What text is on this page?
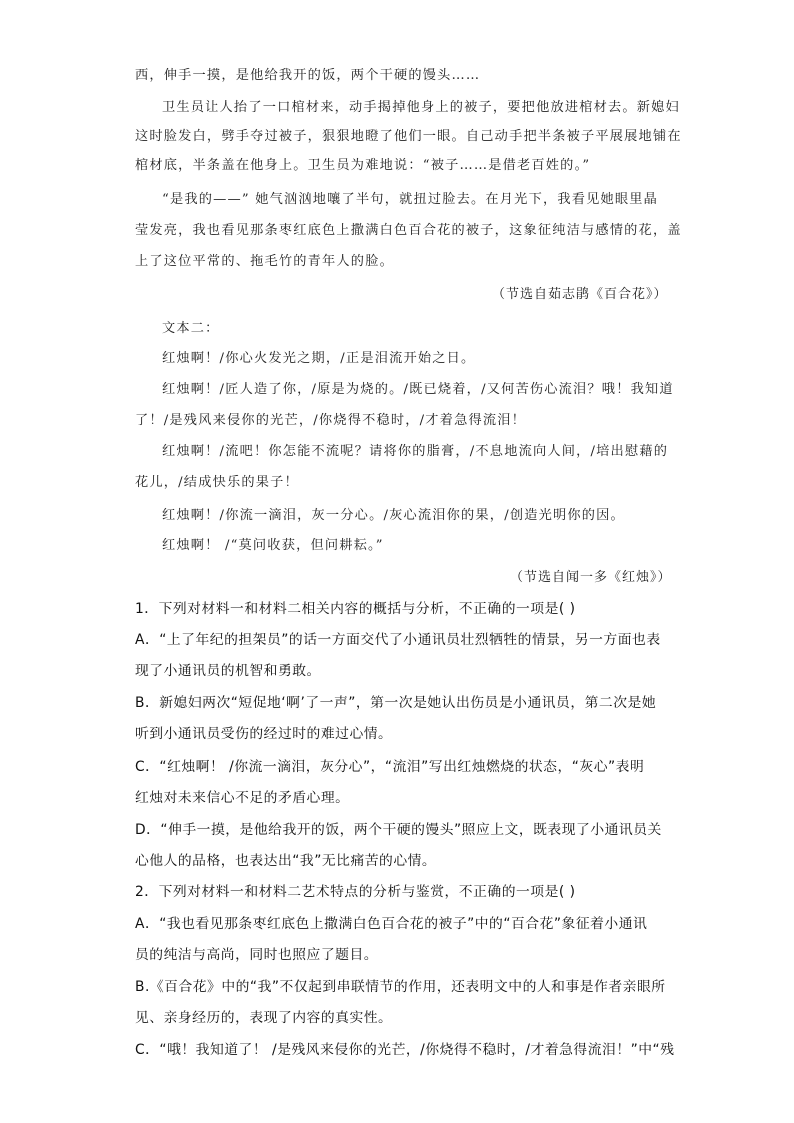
西，伸手一摸，是他给我开的饭，两个干硬的馒头……
卫生员让人抬了一口棺材来，动手揭掉他身上的被子，要把他放进棺材去。新媳妇
这时脸发白，劈手夺过被子，狠狠地瞪了他们一眼。自己动手把半条被子平展展地铺在
棺材底，半条盖在他身上。卫生员为难地说：“被子……是借老百姓的。”
“是我的——” 她气汹汹地嚷了半句，就扭过脸去。在月光下，我看见她眼里晶
莹发亮，我也看见那条枣红底色上撒满白色百合花的被子，这象征纯洁与感情的花，盖
上了这位平常的、拖毛竹的青年人的脸。
（节选自茹志鹃《百合花》）
文本二：
红烛啊！/你心火发光之期，/正是泪流开始之日。
红烛啊！/匠人造了你，/原是为烧的。/既已烧着，/又何苦伤心流泪？哦！我知道
了！/是残风来侵你的光芒，/你烧得不稳时，/才着急得流泪！
红烛啊！/流吧！你怎能不流呢？请将你的脂膏，/不息地流向人间，/培出慰藉的
花儿，/结成快乐的果子！
红烛啊！/你流一滴泪，灰一分心。/灰心流泪你的果，/创造光明你的因。
红烛啊！ /“莫问收获，但问耕耘。”
（节选自闻一多《红烛》）
1．下列对材料一和材料二相关内容的概括与分析，不正确的一项是( )
A．“上了年纪的担架员”的话一方面交代了小通讯员壮烈牺牲的情景，另一方面也表
现了小通讯员的机智和勇敢。
B．新媳妇两次“短促地‘啊’了一声”，第一次是她认出伤员是小通讯员，第二次是她
听到小通讯员受伤的经过时的难过心情。
C．“红烛啊！ /你流一滴泪，灰分心”，“流泪”写出红烛燃烧的状态，“灰心”表明
红烛对未来信心不足的矛盾心理。
D．“伸手一摸，是他给我开的饭，两个干硬的馒头”照应上文，既表现了小通讯员关
心他人的品格，也表达出“我”无比痛苦的心情。
2．下列对材料一和材料二艺术特点的分析与鉴赏，不正确的一项是( )
A．“我也看见那条枣红底色上撒满白色百合花的被子”中的“百合花”象征着小通讯
员的纯洁与高尚，同时也照应了题目。
B.《百合花》中的“我”不仅起到串联情节的作用，还表明文中的人和事是作者亲眼所
见、亲身经历的，表现了内容的真实性。
C．“哦！我知道了！ /是残风来侵你的光芒，/你烧得不稳时，/才着急得流泪！”中“残
